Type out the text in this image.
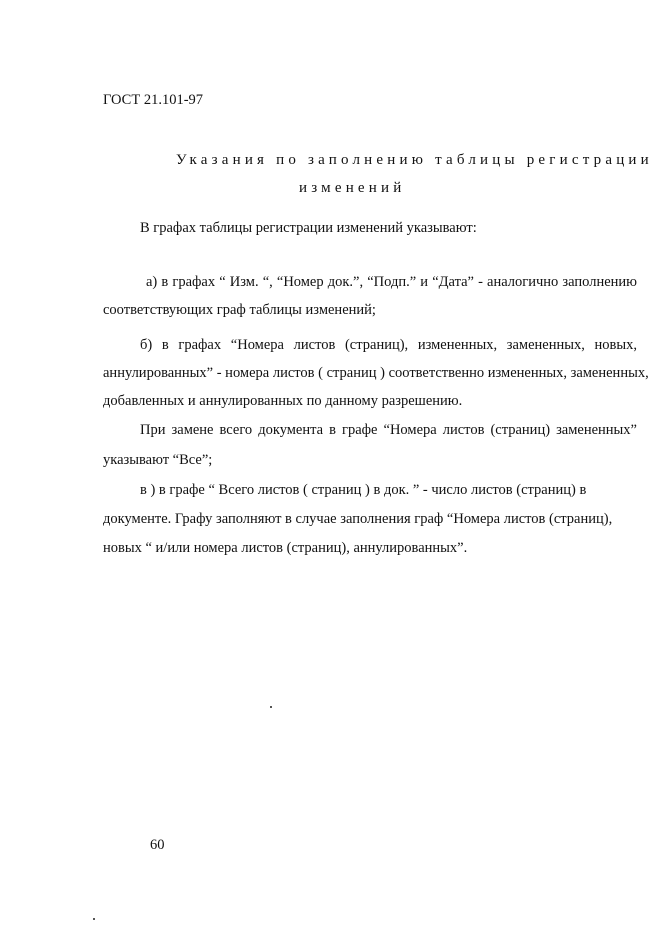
ГОСТ 21.101-97
Указания по заполнению таблицы регистрации
изменений
В графах таблицы регистрации изменений указывают:
а) в графах “ Изм. “, “Номер док.”, “Подп.” и “Дата” - аналогично заполнению
соответствующих граф таблицы изменений;
б) в графах “Номера листов (страниц), измененных, замененных, новых,
аннулированных” - номера листов ( страниц ) соответственно измененных, замененных,
добавленных и аннулированных по данному разрешению.
При замене всего документа в графе “Номера листов (страниц) замененных”
указывают “Все”;
в ) в графе “ Всего листов ( страниц ) в док. ” - число листов (страниц) в
документе. Графу заполняют в случае заполнения граф “Номера листов (страниц),
новых “ и/или номера листов (страниц), аннулированных”.
60
